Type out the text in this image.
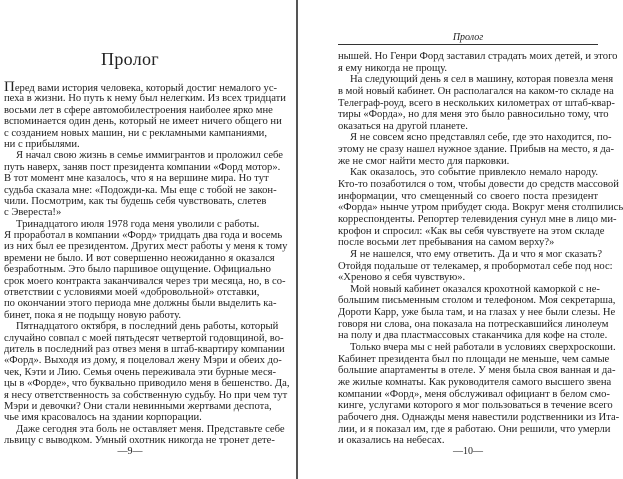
Пролог
Перед вами история человека, который достиг немалого ус-
пеха в жизни. Но путь к нему был нелегким. Из всех тридцати
восьми лет в сфере автомобилестроения наиболее ярко мне
вспоминается один день, который не имеет ничего общего ни
с созданием новых машин, ни с рекламными кампаниями,
ни с прибылями.
Я начал свою жизнь в семье иммигрантов и проложил себе
путь наверх, заняв пост президента компании «Форд мотор».
В тот момент мне казалось, что я на вершине мира. Но тут
судьба сказала мне: «Подожди-ка. Мы еще с тобой не закон-
чили. Посмотрим, как ты будешь себя чувствовать, слетев
с Эвереста!»
Тринадцатого июля 1978 года меня уволили с работы.
Я проработал в компании «Форд» тридцать два года и восемь
из них был ее президентом. Других мест работы у меня к тому
времени не было. И вот совершенно неожиданно я оказался
безработным. Это было паршивое ощущение. Официально
срок моего контракта заканчивался через три месяца, но, в со-
ответствии с условиями моей «добровольной» отставки,
по окончании этого периода мне должны были выделить ка-
бинет, пока я не подыщу новую работу.
Пятнадцатого октября, в последний день работы, который
случайно совпал с моей пятьдесят четвертой годовщиной, во-
дитель в последний раз отвез меня в штаб-квартиру компании
«Форд». Выходя из дому, я поцеловал жену Мэри и обеих до-
чек, Кэти и Лию. Семья очень переживала эти бурные меся-
цы в «Форде», что буквально приводило меня в бешенство. Да,
я несу ответственность за собственную судьбу. Но при чем тут
Мэри и девочки? Они стали невинными жертвами деспота,
чье имя красовалось на здании корпорации.
Даже сегодня эта боль не оставляет меня. Представьте себе
львицу с выводком. Умный охотник никогда не тронет дете-
—9—
Пролог
нышей. Но Генри Форд заставил страдать моих детей, и этого
я ему никогда не прощу.
На следующий день я сел в машину, которая повезла меня
в мой новый кабинет. Он располагался на каком-то складе на
Телеграф-роуд, всего в нескольких километрах от штаб-квар-
тиры «Форда», но для меня это было равносильно тому, что
оказаться на другой планете.
Я не совсем ясно представлял себе, где это находится, по-
этому не сразу нашел нужное здание. Прибыв на место, я да-
же не смог найти место для парковки.
Как оказалось, это событие привлекло немало народу.
Кто-то позаботился о том, чтобы довести до средств массовой
информации, что смещенный со своего поста президент
«Форда» нынче утром прибудет сюда. Вокруг меня столпились
корреспонденты. Репортер телевидения сунул мне в лицо ми-
крофон и спросил: «Как вы себя чувствуете на этом складе
после восьми лет пребывания на самом верху?»
Я не нашелся, что ему ответить. Да и что я мог сказать?
Отойдя подальше от телекамер, я пробормотал себе под нос:
«Хреново я себя чувствую».
Мой новый кабинет оказался крохотной каморкой с не-
большим письменным столом и телефоном. Моя секретарша,
Дороти Карр, уже была там, и на глазах у нее были слезы. Не
говоря ни слова, она показала на потрескавшийся линолеум
на полу и два пластмассовых стаканчика для кофе на столе.
Только вчера мы с ней работали в условиях сверхроскоши.
Кабинет президента был по площади не меньше, чем самые
большие апартаменты в отеле. У меня была своя ванная и да-
же жилые комнаты. Как руководителя самого высшего звена
компании «Форд», меня обслуживал официант в белом смо-
кинге, услугами которого я мог пользоваться в течение всего
рабочего дня. Однажды меня навестили родственники из Ита-
лии, и я показал им, где я работаю. Они решили, что умерли
и оказались на небесах.
—10—
